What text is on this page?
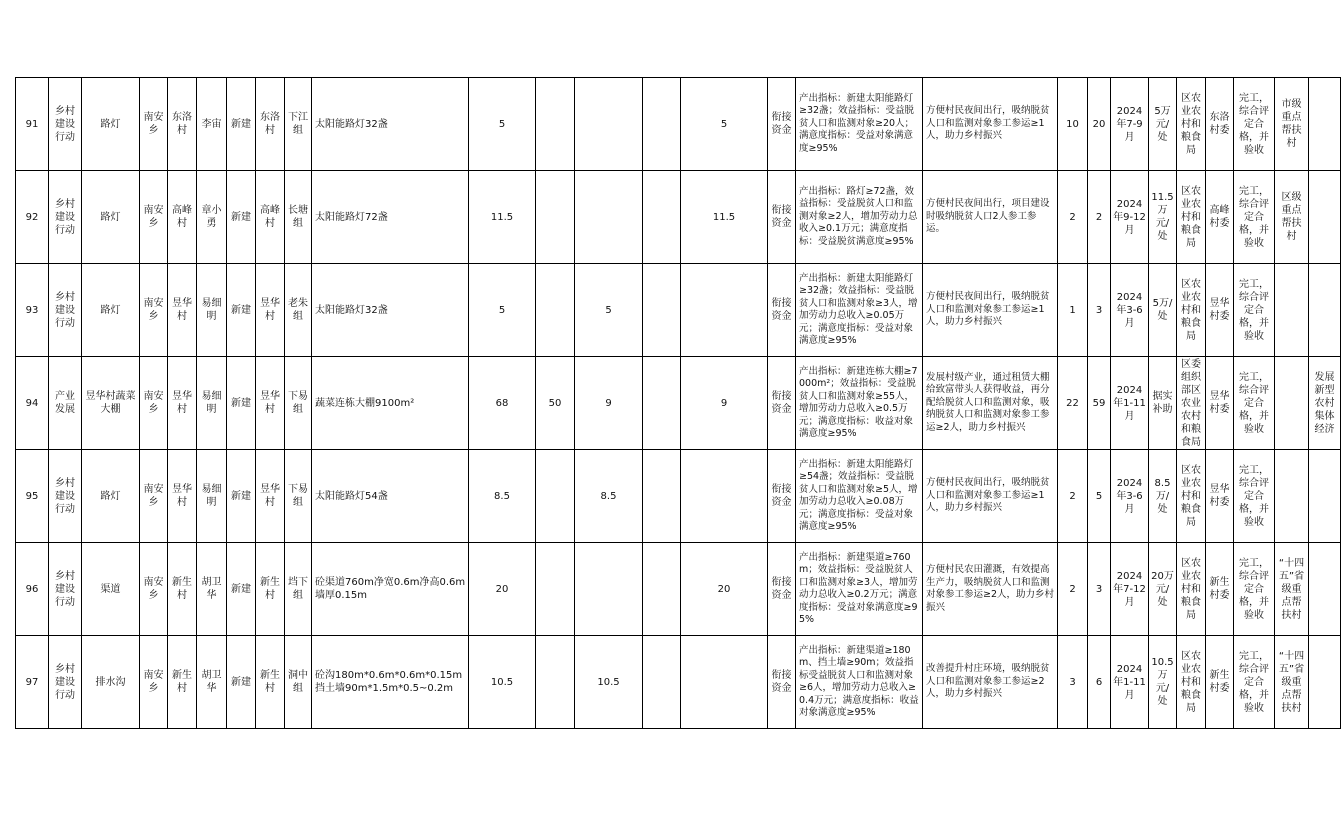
91	乡村建设行动	路灯	南安乡	东洛村	李宙	新建	东洛村	下江组	太阳能路灯32盏	5				5	衔接资金	产出指标：新建太阳能路灯≥32盏；效益指标：受益脱贫人口和监测对象≥20人；满意度指标：受益对象满意度≥95%	方便村民夜间出行，吸纳脱贫人口和监测对象参工参运≥1人，助力乡村振兴	10	20	2024年7-9月	5万元/处	区农业农村和粮食局	东洛村委	完工，综合评定合格，并验收	市级重点帮扶村	
92	乡村建设行动	路灯	南安乡	高峰村	章小勇	新建	高峰村	长塘组	太阳能路灯72盏	11.5				11.5	衔接资金	产出指标：路灯≥72盏，效益指标：受益脱贫人口和监测对象≥2人，增加劳动力总收入≥0.1万元；满意度指标：受益脱贫满意度≥95%	方便村民夜间出行，项目建设时吸纳脱贫人口2人参工参运。	2	2	2024年9-12月	11.5万元/处	区农业农村和粮食局	高峰村委	完工，综合评定合格，并验收	区级重点帮扶村	
93	乡村建设行动	路灯	南安乡	昱华村	易细明	新建	昱华村	老朱组	太阳能路灯32盏	5		5			衔接资金	产出指标：新建太阳能路灯≥32盏；效益指标：受益脱贫人口和监测对象≥3人，增加劳动力总收入≥0.05万元；满意度指标：受益对象满意度≥95%	方便村民夜间出行，吸纳脱贫人口和监测对象参工参运≥1人，助力乡村振兴	1	3	2024年3-6月	5万/处	区农业农村和粮食局	昱华村委	完工，综合评定合格，并验收		
94	产业发展	昱华村蔬菜大棚	南安乡	昱华村	易细明	新建	昱华村	下易组	蔬菜连栋大棚9100m²	68	50	9		9	衔接资金	产出指标：新建连栋大棚≥7000m²；效益指标：受益脱贫人口和监测对象≥55人，增加劳动力总收入≥0.5万元；满意度指标：收益对象满意度≥95%	发展村级产业，通过租赁大棚给致富带头人获得收益，再分配给脱贫人口和监测对象，吸纳脱贫人口和监测对象参工参运≥2人，助力乡村振兴	22	59	2024年1-11月	据实补助	区委组织部区农业农村和粮食局	昱华村委	完工，综合评定合格，并验收		发展新型农村集体经济
95	乡村建设行动	路灯	南安乡	昱华村	易细明	新建	昱华村	下易组	太阳能路灯54盏	8.5		8.5			衔接资金	产出指标：新建太阳能路灯≥54盏；效益指标：受益脱贫人口和监测对象≥5人，增加劳动力总收入≥0.08万元；满意度指标：受益对象满意度≥95%	方便村民夜间出行，吸纳脱贫人口和监测对象参工参运≥1人，助力乡村振兴	2	5	2024年3-6月	8.5万/处	区农业农村和粮食局	昱华村委	完工，综合评定合格，并验收		
96	乡村建设行动	渠道	南安乡	新生村	胡卫华	新建	新生村	垱下组	砼渠道760m净宽0.6m净高0.6m墙厚0.15m	20				20	衔接资金	产出指标：新建渠道≥760m；效益指标：受益脱贫人口和监测对象≥3人，增加劳动力总收入≥0.2万元；满意度指标：受益对象满意度≥95%	方便村民农田灌溉，有效提高生产力，吸纳脱贫人口和监测对象参工参运≥2人，助力乡村振兴	2	3	2024年7-12月	20万元/处	区农业农村和粮食局	新生村委	完工，综合评定合格，并验收	“十四五”省级重点帮扶村	
97	乡村建设行动	排水沟	南安乡	新生村	胡卫华	新建	新生村	洞中组	砼沟180m*0.6m*0.6m*0.15m挡土墙90m*1.5m*0.5~0.2m	10.5		10.5			衔接资金	产出指标：新建渠道≥180m、挡土墙≥90m；效益指标受益脱贫人口和监测对象≥6人，增加劳动力总收入≥0.4万元；满意度指标：收益对象满意度≥95%	改善提升村庄环境，吸纳脱贫人口和监测对象参工参运≥2人，助力乡村振兴	3	6	2024年1-11月	10.5万元/处	区农业农村和粮食局	新生村委	完工，综合评定合格，并验收	“十四五”省级重点帮扶村	
